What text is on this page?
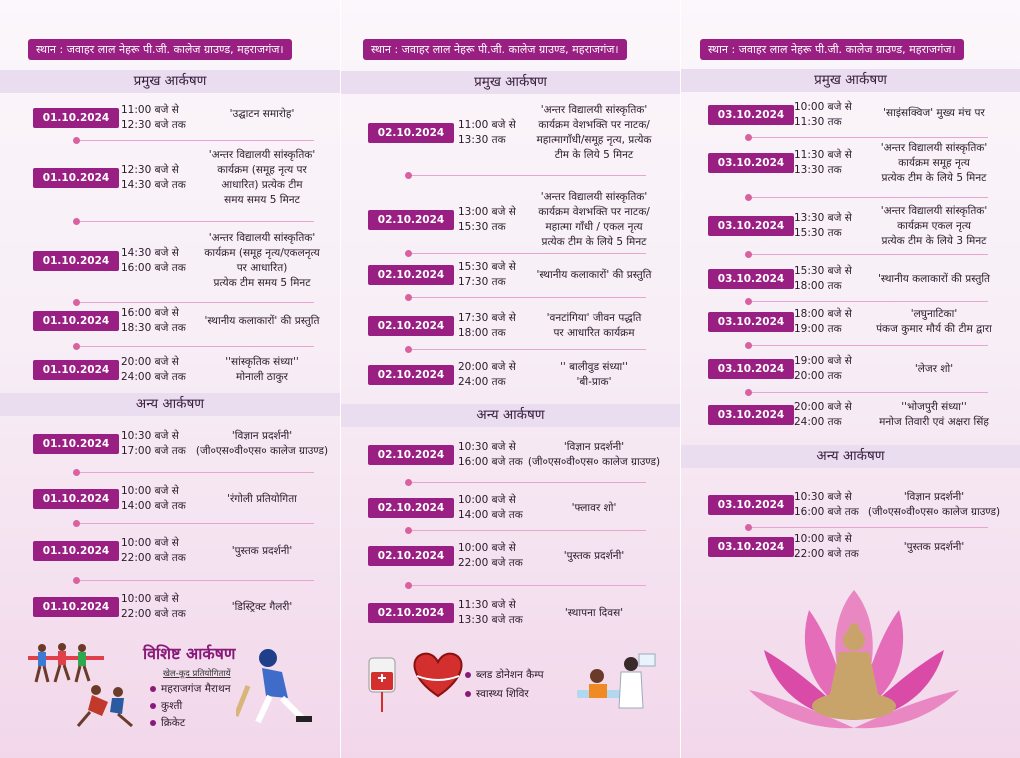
स्थान : जवाहर लाल नेहरू पी.जी. कालेज ग्राउण्ड, महराजगंज।
प्रमुख आर्कषण
अन्य आर्कषण
01.10.2024
11:00 बजे से
12:30 बजे तक
'उद्घाटन समारोह'
01.10.2024
12:30 बजे से
14:30 बजे तक
'अन्तर विद्यालयी सांस्कृतिक'
कार्यक्रम (समूह नृत्य पर
आधारित) प्रत्येक टीम
समय समय 5 मिनट
01.10.2024
14:30 बजे से
16:00 बजे तक
'अन्तर विद्यालयी सांस्कृतिक'
कार्यक्रम (समूह नृत्य/एकलनृत्य
पर आधारित)
प्रत्येक टीम समय 5 मिनट
01.10.2024
16:00 बजे से
18:30 बजे तक
'स्थानीय कलाकारों' की प्रस्तुति
01.10.2024
20:00 बजे से
24:00 बजे तक
''सांस्कृतिक संध्या''
मोनाली ठाकुर
01.10.2024
10:30 बजे से
17:00 बजे तक
'विज्ञान प्रदर्शनी'
(जी०एस०वी०एस० कालेज ग्राउण्ड)
01.10.2024
10:00 बजे से
14:00 बजे तक
'रंगोली प्रतियोगिता
01.10.2024
10:00 बजे से
22:00 बजे तक
'पुस्तक प्रदर्शनी'
01.10.2024
10:00 बजे से
22:00 बजे तक
'डिस्ट्रिक्ट गैलरी'
विशिष्ट आर्कषण
खेल-कूद प्रतियोगितायें
महराजगंज मैराथन
कुश्ती
क्रिकेट
स्थान : जवाहर लाल नेहरू पी.जी. कालेज ग्राउण्ड, महराजगंज।
प्रमुख आर्कषण
अन्य आर्कषण
02.10.2024
11:00 बजे से
13:30 तक
'अन्तर विद्यालयी सांस्कृतिक'
कार्यक्रम वेशभक्ति पर नाटक/
महात्मागाँधी/समूह नृत्य, प्रत्येक
टीम के लिये 5 मिनट
02.10.2024
13:00 बजे से
15:30 तक
'अन्तर विद्यालयी सांस्कृतिक'
कार्यक्रम वेशभक्ति पर नाटक/
महात्मा गाँधी / एकल नृत्य
प्रत्येक टीम के लिये 5 मिनट
02.10.2024
15:30 बजे से
17:30 तक
'स्थानीय कलाकारों' की प्रस्तुति
02.10.2024
17:30 बजे से
18:00 तक
'वनटांगिया' जीवन पद्धति
पर आधारित कार्यक्रम
02.10.2024
20:00 बजे से
24:00 तक
'' बालीवुड संध्या''
'बी-प्राक'
02.10.2024
10:30 बजे से
16:00 बजे तक
'विज्ञान प्रदर्शनी'
(जी०एस०वी०एस० कालेज ग्राउण्ड)
02.10.2024
10:00 बजे से
14:00 बजे तक
'फ्लावर शो'
02.10.2024
10:00 बजे से
22:00 बजे तक
'पुस्तक प्रदर्शनी'
02.10.2024
11:30 बजे से
13:30 बजे तक
'स्थापना दिवस'
ब्लड डोनेशन कैम्प
स्वास्थ्य शिविर
स्थान : जवाहर लाल नेहरू पी.जी. कालेज ग्राउण्ड, महराजगंज।
प्रमुख आर्कषण
अन्य आर्कषण
03.10.2024
10:00 बजे से
11:30 तक
'साइंसक्विज' मुख्य मंच पर
03.10.2024
11:30 बजे से
13:30 तक
'अन्तर विद्यालयी सांस्कृतिक'
कार्यक्रम समूह नृत्य
प्रत्येक टीम के लिये 5 मिनट
03.10.2024
13:30 बजे से
15:30 तक
'अन्तर विद्यालयी सांस्कृतिक'
कार्यक्रम एकल नृत्य
प्रत्येक टीम के लिये 3 मिनट
03.10.2024
15:30 बजे से
18:00 तक
'स्थानीय कलाकारों की प्रस्तुति
03.10.2024
18:00 बजे से
19:00 तक
'लघुनाटिका'
पंकज कुमार मौर्य की टीम द्वारा
03.10.2024
19:00 बजे से
20:00 तक
'लेजर शो'
03.10.2024
20:00 बजे से
24:00 तक
''भोजपुरी संध्या''
मनोज तिवारी एवं अक्षरा सिंह
03.10.2024
10:30 बजे से
16:00 बजे तक
'विज्ञान प्रदर्शनी'
(जी०एस०वी०एस० कालेज ग्राउण्ड)
03.10.2024
10:00 बजे से
22:00 बजे तक
'पुस्तक प्रदर्शनी'
